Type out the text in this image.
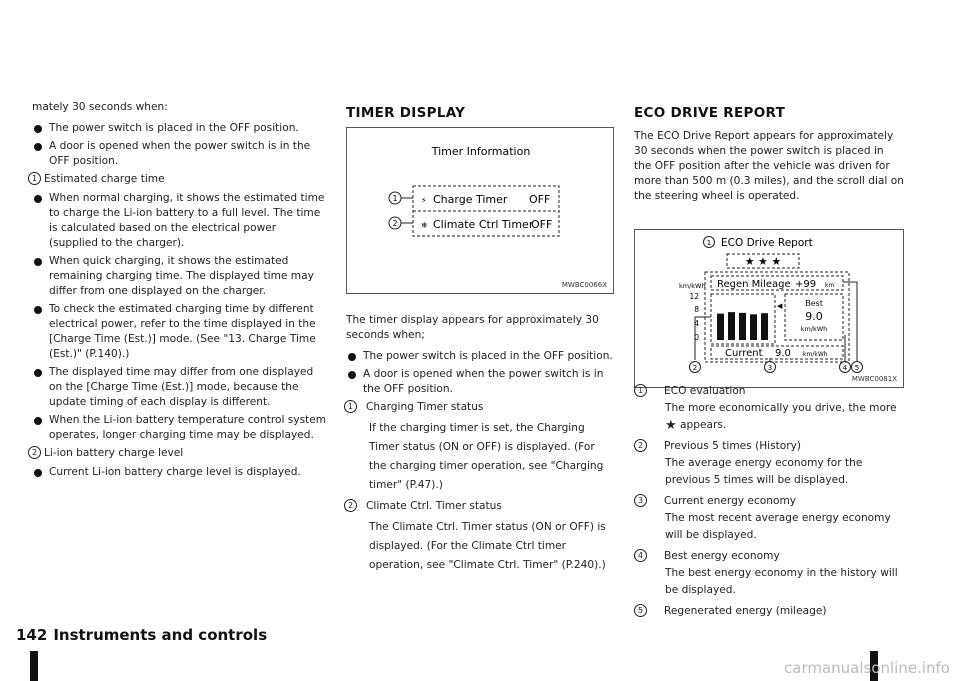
mately 30 seconds when:

The power switch is placed in the OFF position.

A door is opened when the power switch is in the OFF position.

1 Estimated charge time

When normal charging, it shows the estimated time to charge the Li-ion battery to a full level. The time is calculated based on the electrical power (supplied to the charger).

When quick charging, it shows the estimated remaining charging time. The displayed time may differ from one displayed on the charger.

To check the estimated charging time by different electrical power, refer to the time displayed in the [Charge Time (Est.)] mode. (See "13. Charge Time (Est.)" (P.140).)

The displayed time may differ from one displayed on the [Charge Time (Est.)] mode, because the update timing of each display is different.

When the Li-ion battery temperature control system operates, longer charging time may be displayed.

2 Li-ion battery charge level

Current Li-ion battery charge level is displayed.

TIMER DISPLAY
Timer Information
⚡ Charge Timer OFF
❄ Climate Ctrl Timer
OFF
1
2
MWBC0066X

The timer display appears for approximately 30 seconds when;

The power switch is placed in the OFF position.

A door is opened when the power switch is in the OFF position.

1 Charging Timer status

If the charging timer is set, the Charging Timer status (ON or OFF) is displayed. (For the charging timer operation, see "Charging timer" (P.47).)

2 Climate Ctrl. Timer status

The Climate Ctrl. Timer status (ON or OFF) is displayed. (For the Climate Ctrl timer operation, see "Climate Ctrl. Timer" (P.240).)

ECO DRIVE REPORT

The ECO Drive Report appears for approximately 30 seconds when the power switch is placed in the OFF position after the vehicle was driven for more than 500 m (0.3 miles), and the scroll dial on the steering wheel is operated.

1 ECO Drive Report
★ ★ ★
km/kWh Regen Mileage +99 km
12
8
4
0
◀	Best
9.0
km/kWh
Current 9.0 km/kWh
2	3	4 5
MWBC0081X

1 ECO evaluation

The more economically you drive, the more
★ appears.

2 Previous 5 times (History)

The average energy economy for the previous 5 times will be displayed.

3 Current energy economy

The most recent average energy economy will be displayed.

4 Best energy economy

The best energy economy in the history will be displayed.

5 Regenerated energy (mileage)

142 Instruments and controls
carmanualsonline.info
